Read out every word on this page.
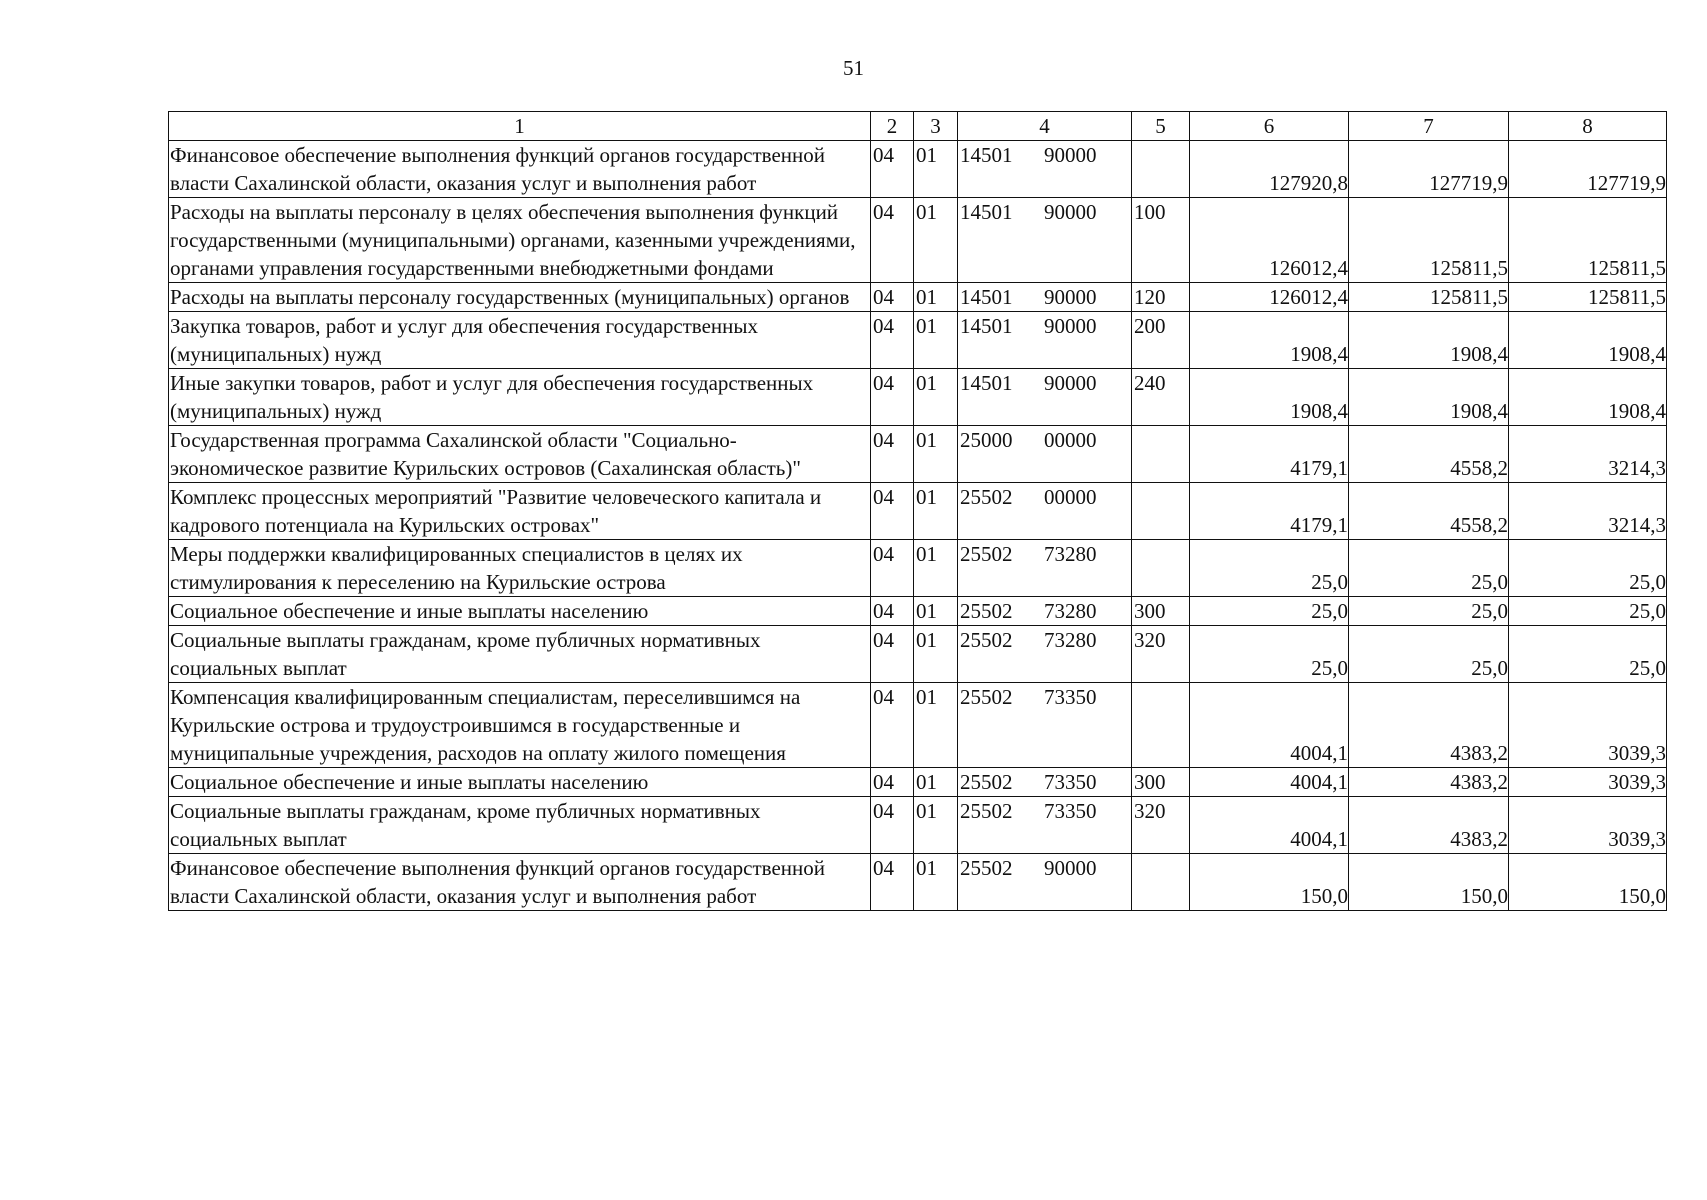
51
1	2	3	4	5	6	7	8
Финансовое обеспечение выполнения функций органов государственной власти Сахалинской области, оказания услуг и выполнения работ	04	01	14501 90000		127920,8	127719,9	127719,9
Расходы на выплаты персоналу в целях обеспечения выполнения функций государственными (муниципальными) органами, казенными учреждениями, органами управления государственными внебюджетными фондами	04	01	14501 90000	100	126012,4	125811,5	125811,5
Расходы на выплаты персоналу государственных (муниципальных) органов	04	01	14501 90000	120	126012,4	125811,5	125811,5
Закупка товаров, работ и услуг для обеспечения государственных (муниципальных) нужд	04	01	14501 90000	200	1908,4	1908,4	1908,4
Иные закупки товаров, работ и услуг для обеспечения государственных (муниципальных) нужд	04	01	14501 90000	240	1908,4	1908,4	1908,4
Государственная программа Сахалинской области "Социально-экономическое развитие Курильских островов (Сахалинская область)"	04	01	25000 00000		4179,1	4558,2	3214,3
Комплекс процессных мероприятий "Развитие человеческого капитала и кадрового потенциала на Курильских островах"	04	01	25502 00000		4179,1	4558,2	3214,3
Меры поддержки квалифицированных специалистов в целях их стимулирования к переселению на Курильские острова	04	01	25502 73280		25,0	25,0	25,0
Социальное обеспечение и иные выплаты населению	04	01	25502 73280	300	25,0	25,0	25,0
Социальные выплаты гражданам, кроме публичных нормативных социальных выплат	04	01	25502 73280	320	25,0	25,0	25,0
Компенсация квалифицированным специалистам, переселившимся на Курильские острова и трудоустроившимся в государственные и муниципальные учреждения, расходов на оплату жилого помещения	04	01	25502 73350		4004,1	4383,2	3039,3
Социальное обеспечение и иные выплаты населению	04	01	25502 73350	300	4004,1	4383,2	3039,3
Социальные выплаты гражданам, кроме публичных нормативных социальных выплат	04	01	25502 73350	320	4004,1	4383,2	3039,3
Финансовое обеспечение выполнения функций органов государственной власти Сахалинской области, оказания услуг и выполнения работ	04	01	25502 90000		150,0	150,0	150,0
